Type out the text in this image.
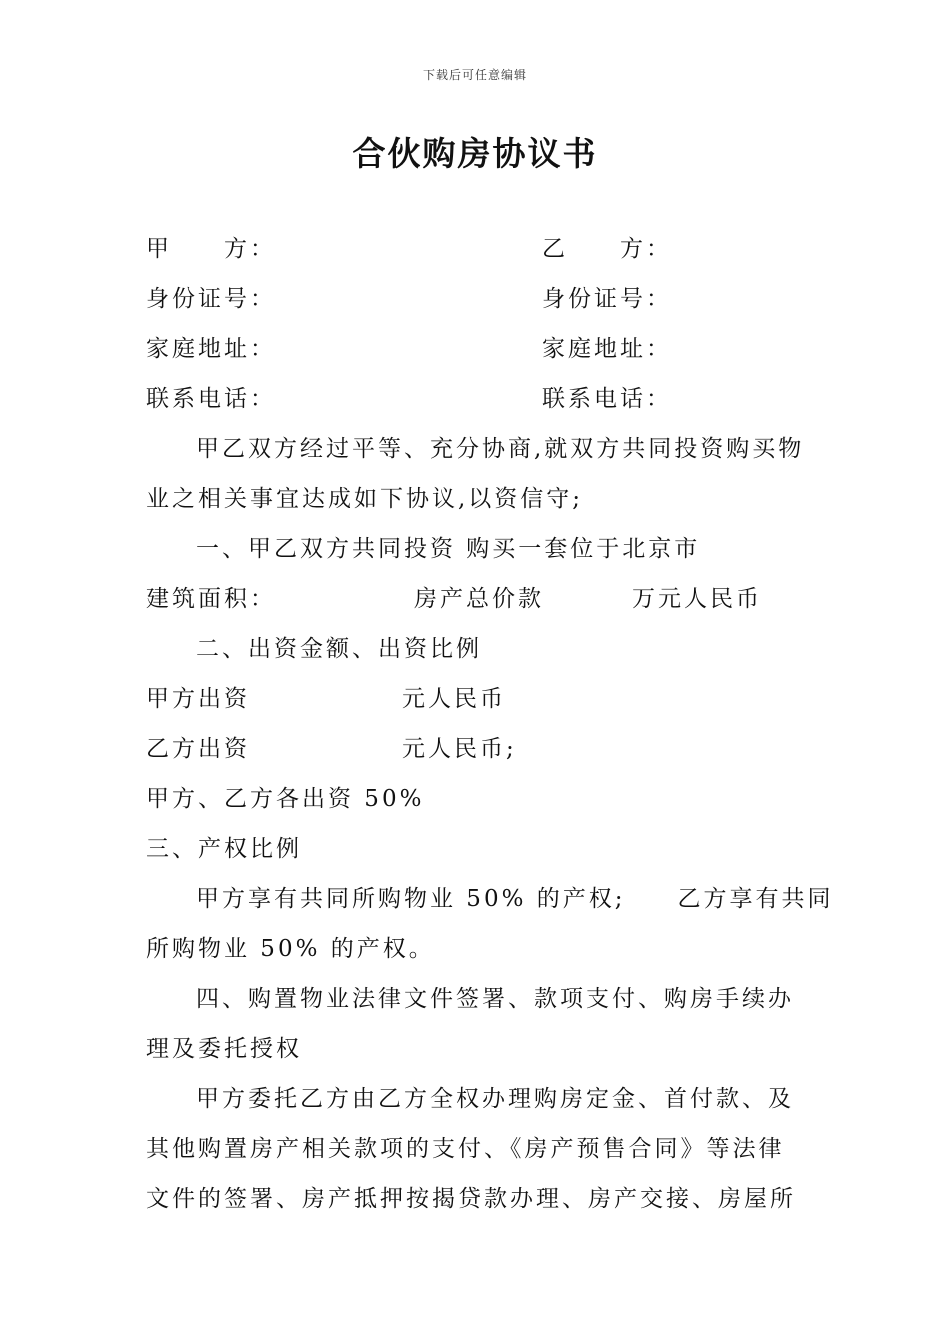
下载后可任意编辑
合伙购房协议书
甲　　方：	乙　　方：
身份证号：	身份证号：
家庭地址：	家庭地址：
联系电话：	联系电话：
甲乙双方经过平等、充分协商,就双方共同投资购买物
业之相关事宜达成如下协议,以资信守;
一、甲乙双方共同投资 购买一套位于北京市
建筑面积：	房产总价款	万元人民币
二、出资金额、出资比例
甲方出资	元人民币
乙方出资	元人民币;
甲方、乙方各出资 50%
三、产权比例
甲方享有共同所购物业 50% 的产权;　　乙方享有共同
所购物业 50% 的产权。
四、购置物业法律文件签署、款项支付、购房手续办
理及委托授权
甲方委托乙方由乙方全权办理购房定金、首付款、及
其他购置房产相关款项的支付、《房产预售合同》等法律
文件的签署、房产抵押按揭贷款办理、房产交接、房屋所
